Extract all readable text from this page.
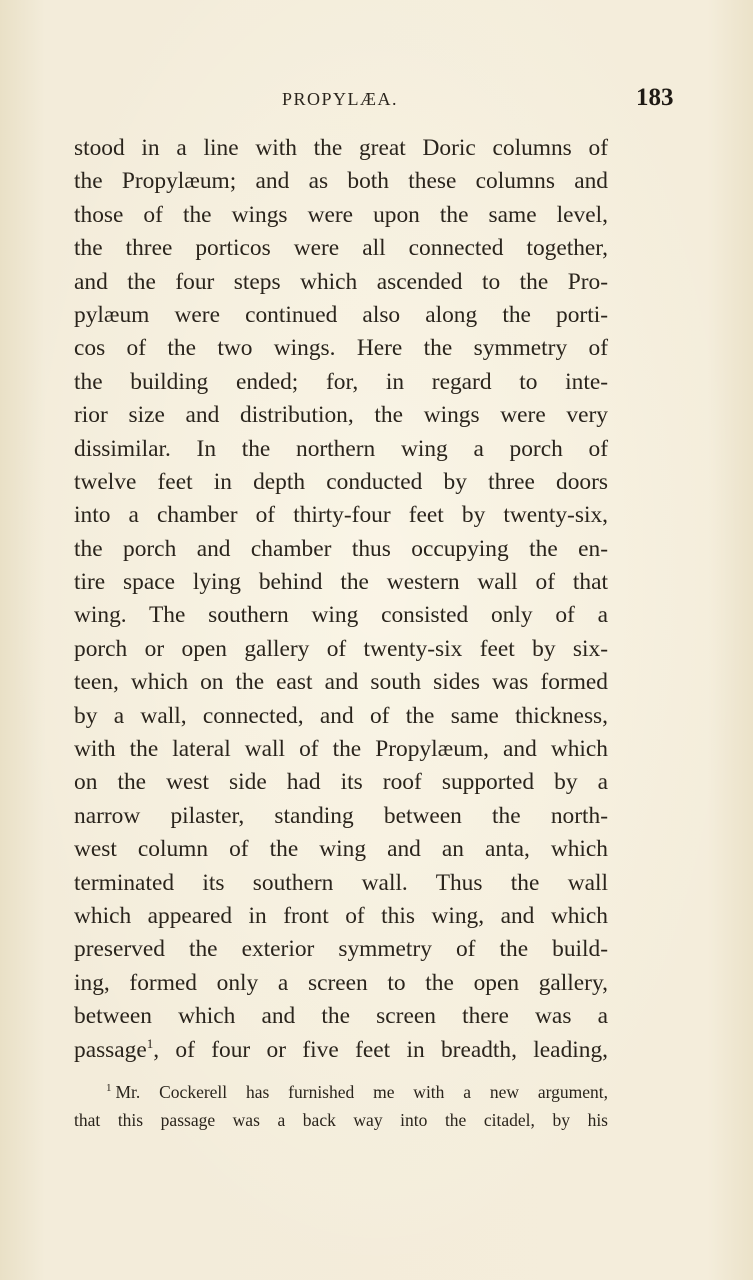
PROPYLÆA.	183
stood in a line with the great Doric columns of
the Propylæum; and as both these columns and
those of the wings were upon the same level,
the three porticos were all connected together,
and the four steps which ascended to the Pro-
pylæum were continued also along the porti-
cos of the two wings. Here the symmetry of
the building ended; for, in regard to inte-
rior size and distribution, the wings were very
dissimilar. In the northern wing a porch of
twelve feet in depth conducted by three doors
into a chamber of thirty-four feet by twenty-six,
the porch and chamber thus occupying the en-
tire space lying behind the western wall of that
wing. The southern wing consisted only of a
porch or open gallery of twenty-six feet by six-
teen, which on the east and south sides was formed
by a wall, connected, and of the same thickness,
with the lateral wall of the Propylæum, and which
on the west side had its roof supported by a
narrow pilaster, standing between the north-
west column of the wing and an anta, which
terminated its southern wall. Thus the wall
which appeared in front of this wing, and which
preserved the exterior symmetry of the build-
ing, formed only a screen to the open gallery,
between which and the screen there was a
passage$^1$, of four or five feet in breadth, leading,
$^1$ Mr. Cockerell has furnished me with a new argument,
that this passage was a back way into the citadel, by his
